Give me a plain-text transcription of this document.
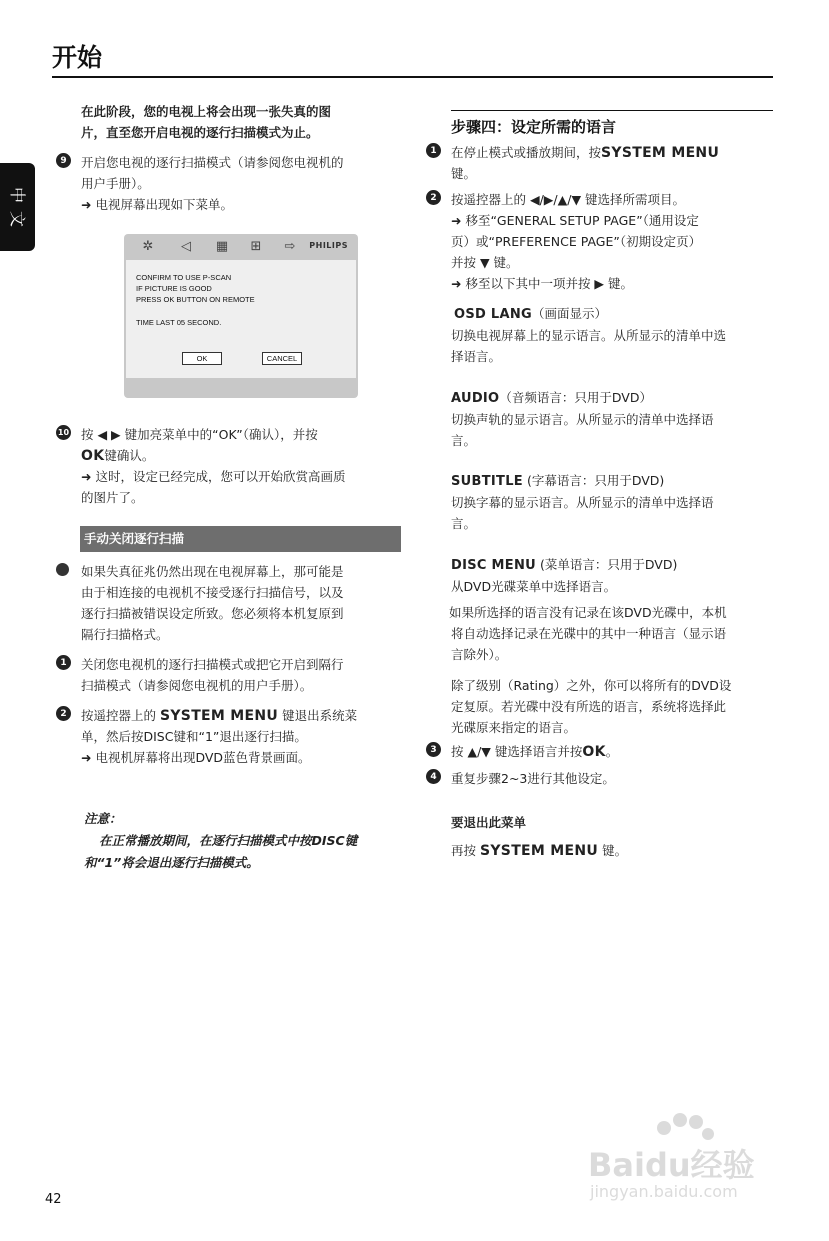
开始
中
文
在此阶段，您的电视上将会出现一张失真的图
片，直至您开启电视的逐行扫描模式为止。
9	开启您电视的逐行扫描模式（请参阅您电视机的
用户手册）。
➜ 电视屏幕出现如下菜单。
✲ ◁ ▦ ⊞ ⇨	PHILIPS
CONFIRM TO USE P-SCAN
IF PICTURE IS GOOD
PRESS OK BUTTON ON REMOTE
TIME LAST 05 SECOND.
OK	CANCEL
10 按 ◀ ▶ 键加亮菜单中的“OK”（确认），并按
OK键确认。
➜ 这时，设定已经完成，您可以开始欣赏高画质
的图片了。
手动关闭逐行扫描
如果失真征兆仍然出现在电视屏幕上，那可能是
由于相连接的电视机不接受逐行扫描信号，以及
逐行扫描被错误设定所致。您必须将本机复原到
隔行扫描格式。
1	关闭您电视机的逐行扫描模式或把它开启到隔行
扫描模式（请参阅您电视机的用户手册）。
2	按遥控器上的 SYSTEM MENU 键退出系统菜
单，然后按DISC键和“1”退出逐行扫描。
➜ 电视机屏幕将出现DVD蓝色背景画面。
注意：
在正常播放期间，在逐行扫描模式中按DISC键
和“1”将会退出逐行扫描模式。
步骤四：设定所需的语言
1	在停止模式或播放期间，按SYSTEM MENU
键。
2	按遥控器上的 ◀/▶/▲/▼ 键选择所需项目。
➜ 移至“GENERAL SETUP PAGE”（通用设定
页）或“PREFERENCE PAGE”（初期设定页）
并按 ▼ 键。
➜ 移至以下其中一项并按 ▶ 键。
OSD LANG（画面显示）
切换电视屏幕上的显示语言。从所显示的清单中选
择语言。
AUDIO（音频语言：只用于DVD）
切换声轨的显示语言。从所显示的清单中选择语
言。
SUBTITLE (字幕语言：只用于DVD)
切换字幕的显示语言。从所显示的清单中选择语
言。
DISC MENU (菜单语言：只用于DVD)
从DVD光碟菜单中选择语言。
如果所选择的语言没有记录在该DVD光碟中，本机
将自动选择记录在光碟中的其中一种语言（显示语
言除外）。
除了级别（Rating）之外，你可以将所有的DVD设
定复原。若光碟中没有所选的语言，系统将选择此
光碟原来指定的语言。
3	按 ▲/▼ 键选择语言并按OK。
4	重复步骤2~3进行其他设定。
要退出此菜单
再按 SYSTEM MENU 键。
42
Baidu经验
jingyan.baidu.com
